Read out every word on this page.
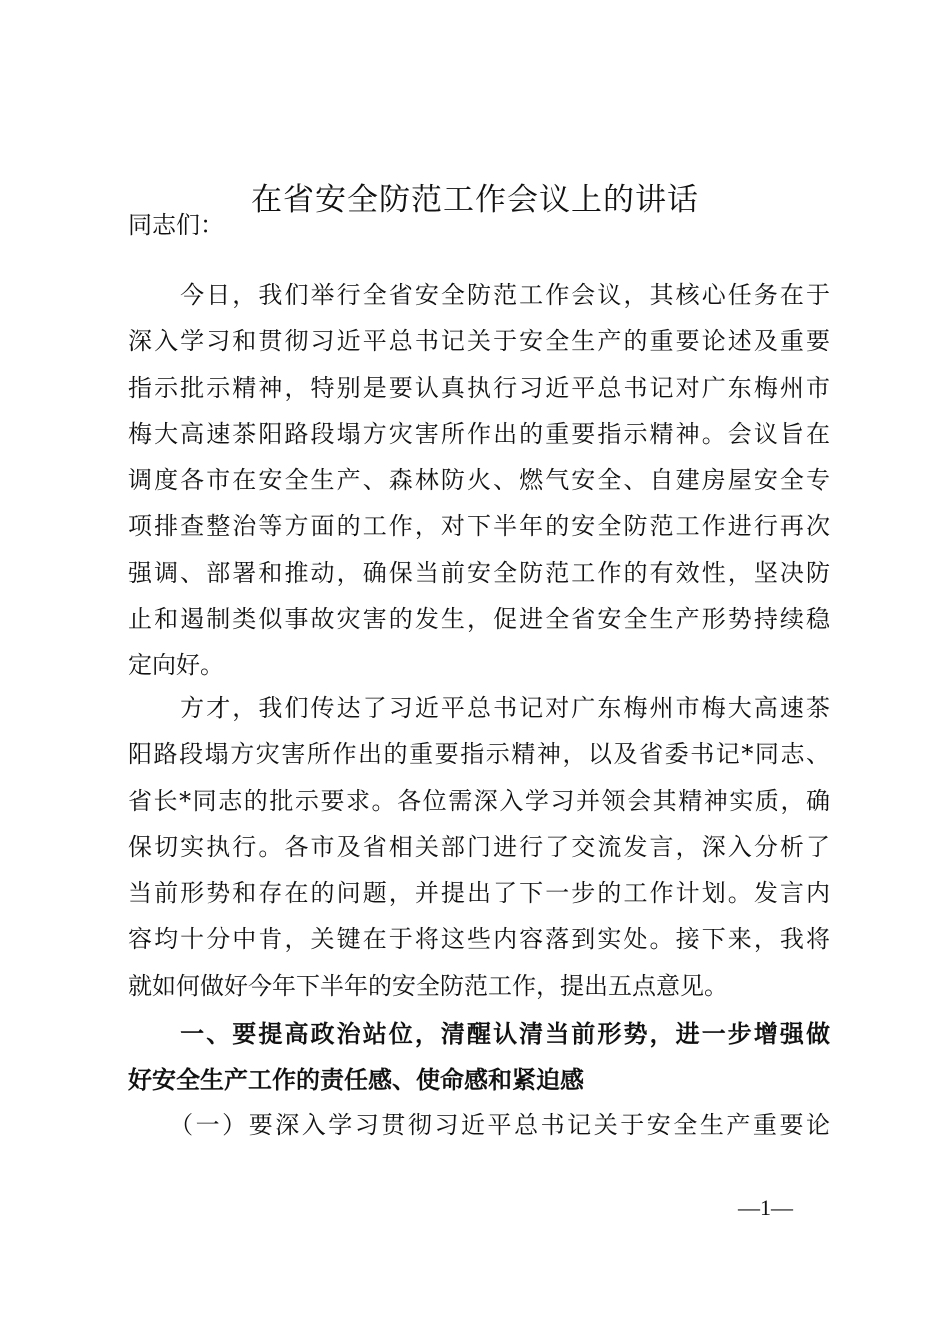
在省安全防范工作会议上的讲话

同志们：

　　今日，我们举行全省安全防范工作会议，其核心任务在于
深入学习和贯彻习近平总书记关于安全生产的重要论述及重要
指示批示精神，特别是要认真执行习近平总书记对广东梅州市
梅大高速茶阳路段塌方灾害所作出的重要指示精神。会议旨在
调度各市在安全生产、森林防火、燃气安全、自建房屋安全专
项排查整治等方面的工作，对下半年的安全防范工作进行再次
强调、部署和推动，确保当前安全防范工作的有效性，坚决防
止和遏制类似事故灾害的发生，促进全省安全生产形势持续稳
定向好。
　　方才，我们传达了习近平总书记对广东梅州市梅大高速茶
阳路段塌方灾害所作出的重要指示精神，以及省委书记*同志、
省长*同志的批示要求。各位需深入学习并领会其精神实质，确
保切实执行。各市及省相关部门进行了交流发言，深入分析了
当前形势和存在的问题，并提出了下一步的工作计划。发言内
容均十分中肯，关键在于将这些内容落到实处。接下来，我将
就如何做好今年下半年的安全防范工作，提出五点意见。
　　一、要提高政治站位，清醒认清当前形势，进一步增强做
好安全生产工作的责任感、使命感和紧迫感
　　（一）要深入学习贯彻习近平总书记关于安全生产重要论
—1—
